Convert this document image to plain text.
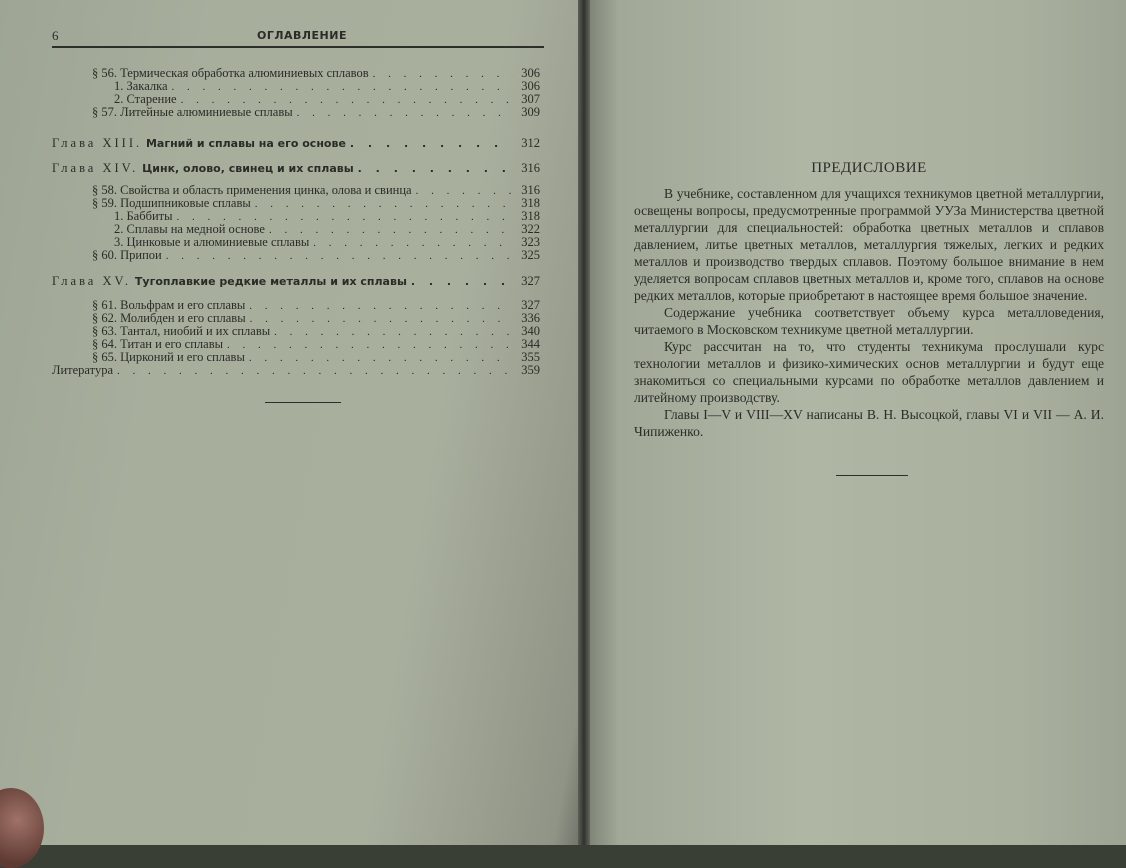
6	ОГЛАВЛЕНИЕ
§ 56. Термическая обработка алюминиевых сплавов . . .	306
1. Закалка . . .	306
2. Старение . . .	307
§ 57. Литейные алюминиевые сплавы . . .	309
Глава XIII. Магний и сплавы на его основе . . .	312
Глава XIV. Цинк, олово, свинец и их сплавы . . .	316
§ 58. Свойства и область применения цинка, олова и свинца . . .	316
§ 59. Подшипниковые сплавы . . .	318
1. Баббиты . . .	318
2. Сплавы на медной основе . . .	322
3. Цинковые и алюминиевые сплавы . . .	323
§ 60. Припои . . .	325
Глава XV. Тугоплавкие редкие металлы и их сплавы . . .	327
§ 61. Вольфрам и его сплавы . . .	327
§ 62. Молибден и его сплавы . . .	336
§ 63. Тантал, ниобий и их сплавы . . .	340
§ 64. Титан и его сплавы . . .	344
§ 65. Цирконий и его сплавы . . .	355
Литература . . .	359
ПРЕДИСЛОВИЕ

В учебнике, составленном для учащихся техникумов цветной металлургии, освещены вопросы, предусмотренные программой УУЗа Министерства цветной металлургии для специальностей: обработка цветных металлов и сплавов давлением, литье цветных металлов, металлургия тяжелых, легких и редких металлов и производство твердых сплавов. Поэтому большое внимание в нем уделяется вопросам сплавов цветных металлов и, кроме того, сплавов на основе редких металлов, которые приобретают в настоящее время большое значение.

Содержание учебника соответствует объему курса металловедения, читаемого в Московском техникуме цветной металлургии.

Курс рассчитан на то, что студенты техникума прослушали курс технологии металлов и физико-химических основ металлургии и будут еще знакомиться со специальными курсами по обработке металлов давлением и литейному производству.

Главы I—V и VIII—XV написаны В. Н. Высоцкой, главы VI и VII — А. И. Чипиженко.
